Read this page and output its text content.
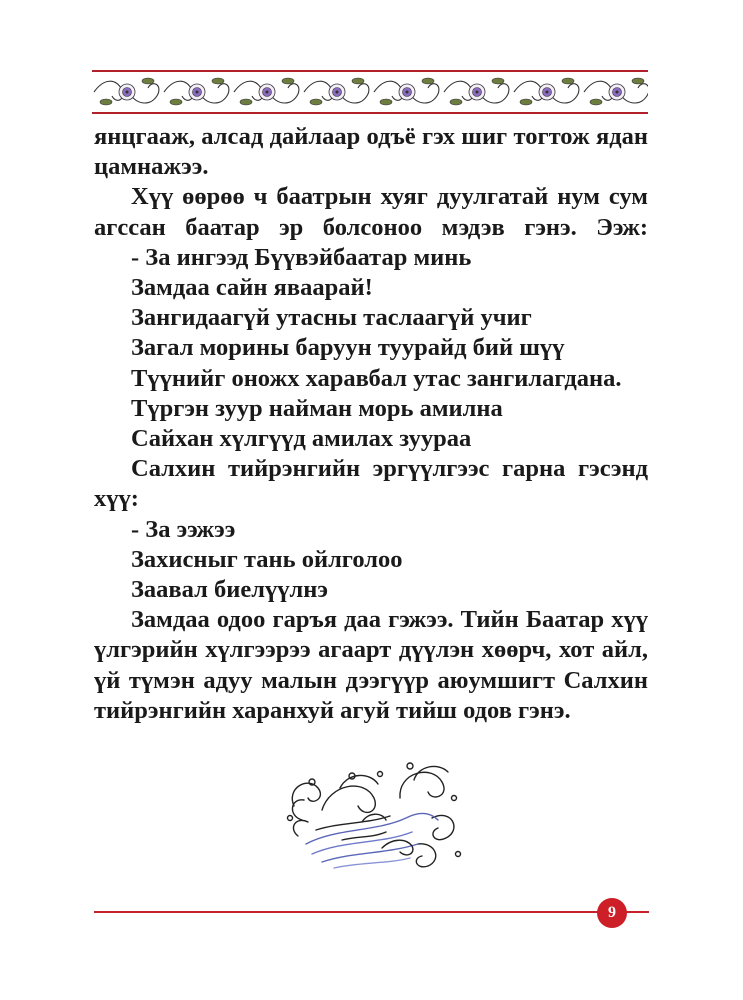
янцгааж, алсад дайлаар одъё гэх шиг тогтож ядан
цамнажээ.
Хүү өөрөө ч баатрын хуяг дуулгатай нум сум
агссан баатар эр болсоноо мэдэв гэнэ. Ээж:
- За ингээд Бүүвэйбаатар минь
Замдаа сайн яваарай!
Зангидаагүй утасны таслаагүй учиг
Загал морины баруун туурайд бий шүү
Түүнийг оножх харавбал утас зангилагдана.
Түргэн зуур найман морь амилна
Сайхан хүлгүүд амилах зуураа
Салхин тийрэнгийн эргүүлгээс гарна гэсэнд
хүү:
- За ээжээ
Захисныг тань ойлголоо
Заавал биелүүлнэ
Замдаа одоо гаръя даа гэжээ. Тийн Баатар хүү
үлгэрийн хүлгээрээ агаарт дүүлэн хөөрч, хот айл,
үй түмэн адуу малын дээгүүр аюумшигт Салхин
тийрэнгийн харанхуй агуй тийш одов гэнэ.
9
